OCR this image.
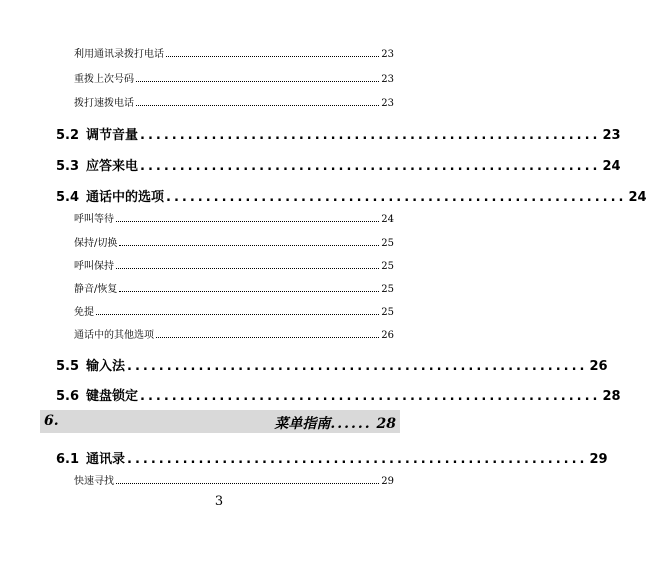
利用通讯录拨打电话	23
重拨上次号码	23
拨打速拨电话	23
5.2 调节音量 .......................................................... 23
5.3 应答来电 .......................................................... 24
5.4 通话中的选项 .......................................................... 24
呼叫等待	24
保持/切换	25
呼叫保持	25
静音/恢复	25
免提	25
通话中的其他选项	26
5.5 输入法 .......................................................... 26
5.6 键盘锁定 .......................................................... 28
6.	菜单指南...... 28
6.1 通讯录 .......................................................... 29
快速寻找	29
3
